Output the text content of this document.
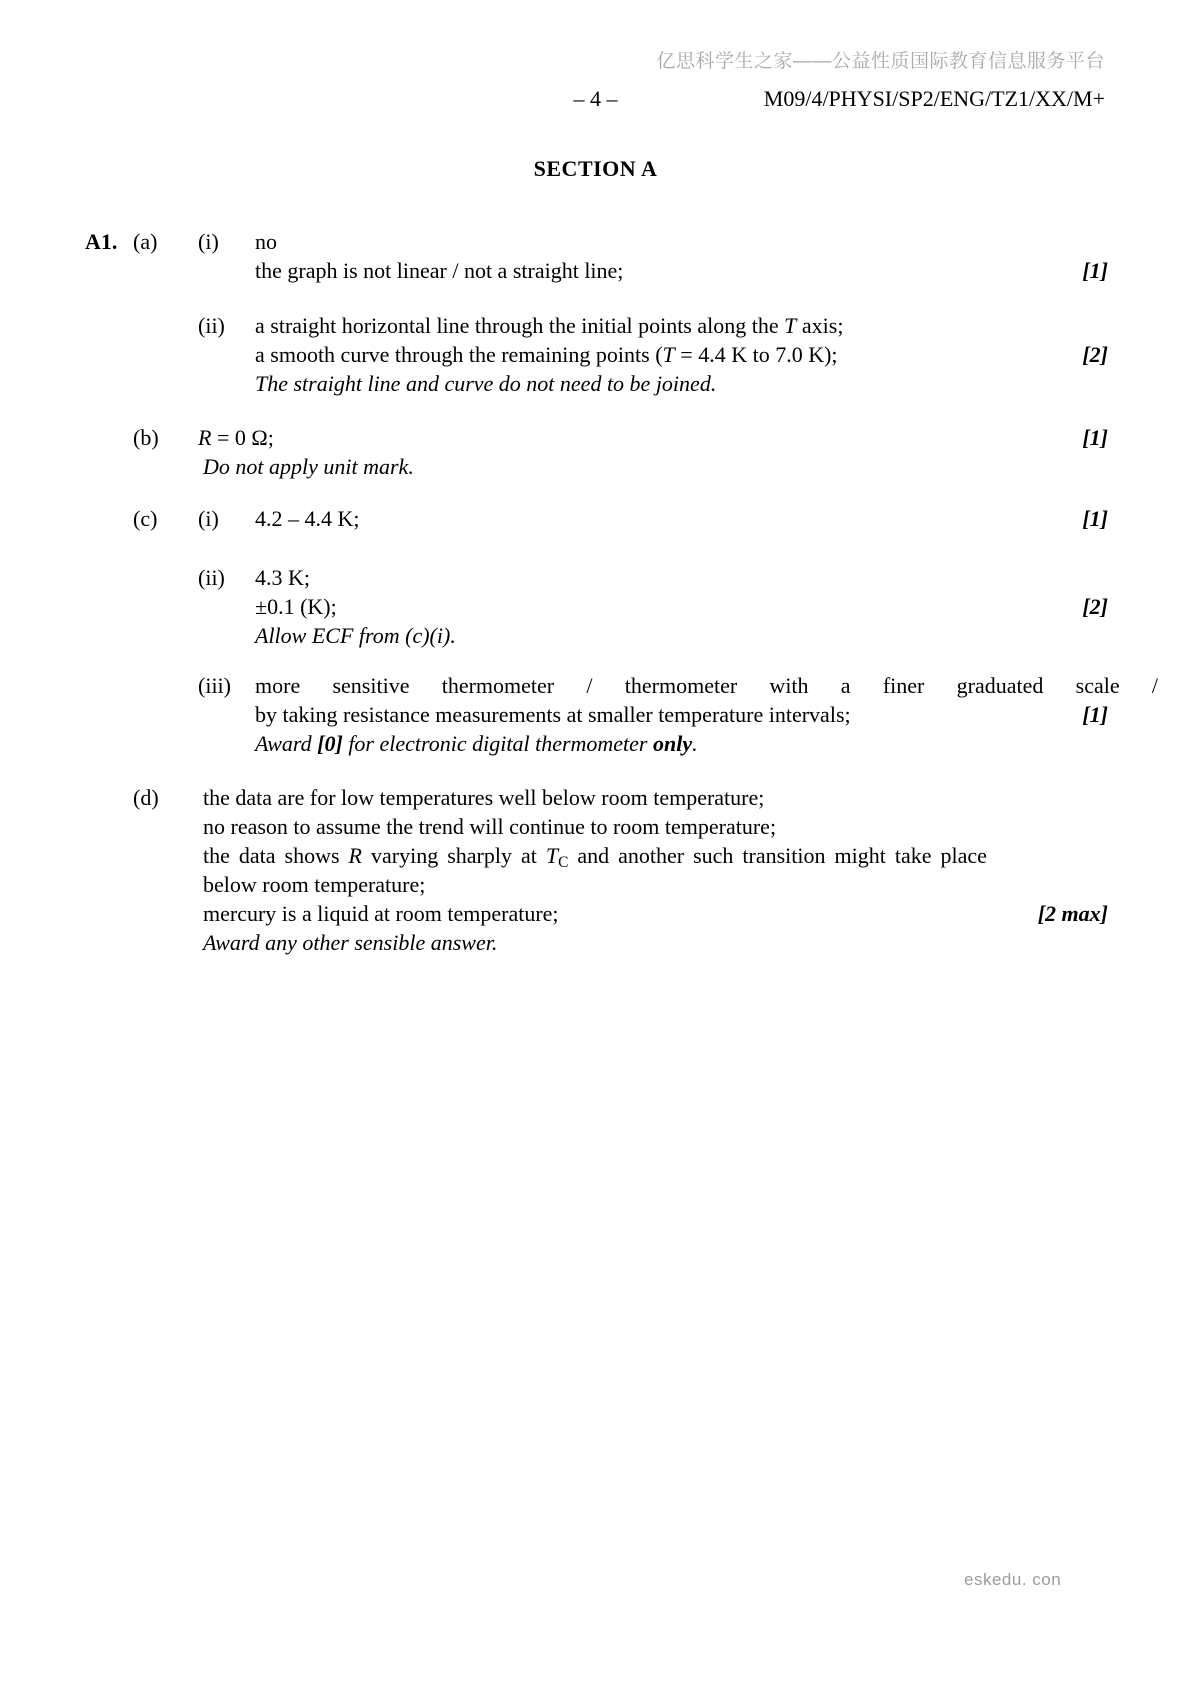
亿思科学生之家——公益性质国际教育信息服务平台
– 4 –	M09/4/PHYSI/SP2/ENG/TZ1/XX/M+
SECTION A
A1. (a)	(i)	no
the graph is not linear / not a straight line;	[1]
(ii)	a straight horizontal line through the initial points along the T axis;
a smooth curve through the remaining points (T = 4.4 K to 7.0 K);	[2]
The straight line and curve do not need to be joined.
(b)	R = 0 Ω;	[1]
Do not apply unit mark.
(c)	(i)	4.2 – 4.4 K;	[1]
(ii)	4.3 K;
±0.1 (K);	[2]
Allow ECF from (c)(i).
(iii)	more sensitive thermometer / thermometer with a finer graduated scale /
by taking resistance measurements at smaller temperature intervals;	[1]
Award [0] for electronic digital thermometer only.
(d)	the data are for low temperatures well below room temperature;
no reason to assume the trend will continue to room temperature;
the data shows R varying sharply at $T_C$ and another such transition might take place
below room temperature;
mercury is a liquid at room temperature;	[2 max]
Award any other sensible answer.
eskedu. con
